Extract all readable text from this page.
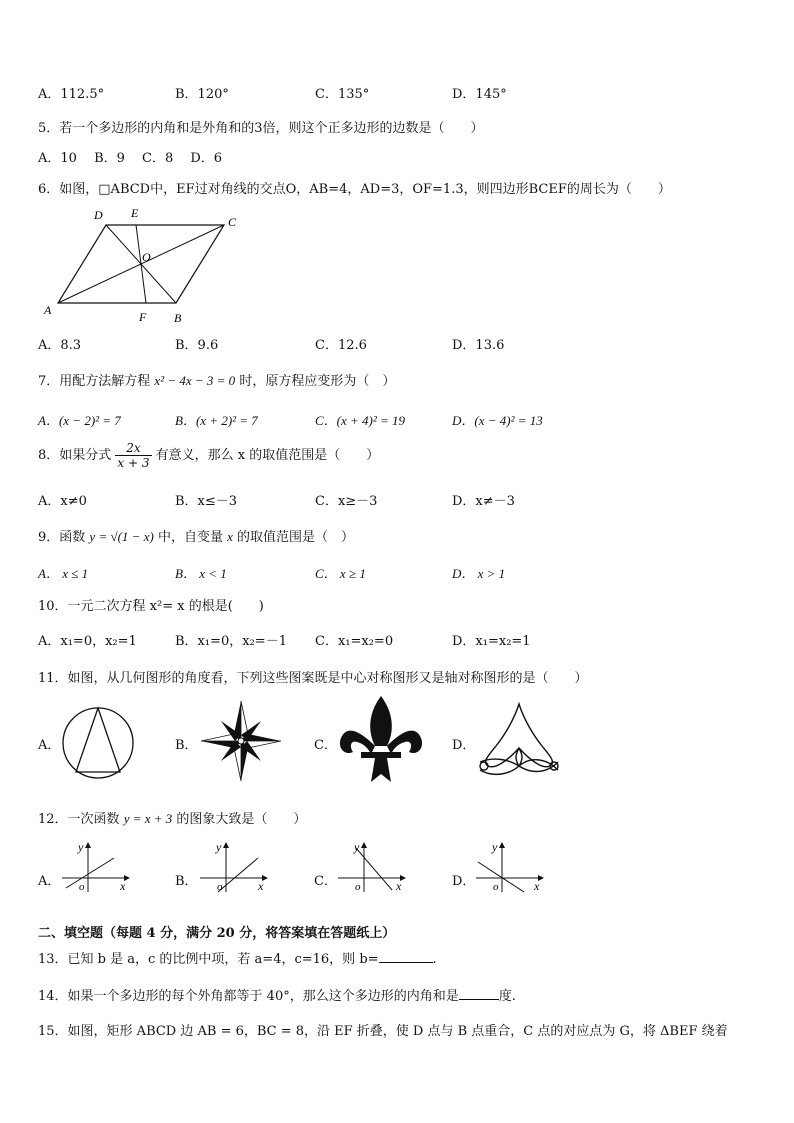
A．112.5°	B．120°	C．135°	D．145°
5．若一个多边形的内角和是外角和的3倍，则这个正多边形的边数是（　　）
A．10　 B．9　 C．8　 D．6
6．如图，□ABCD中，EF过对角线的交点O，AB=4，AD=3，OF=1.3，则四边形BCEF的周长为（　　）
A
B
C
D E
F
O
A．8.3	B．9.6	C．12.6	D．13.6
7．用配方法解方程 x² − 4x − 3 = 0 时，原方程应变形为（　）
A．(x − 2)² = 7	B．(x + 2)² = 7	C．(x + 4)² = 19	D．(x − 4)² = 13
8．如果分式 $\frac{2x}{x + 3}$ 有意义，那么 x 的取值范围是（　　）
A．x≠0	B．x≤－3	C．x≥－3	D．x≠－3
9．函数 y = √(1 − x) 中，自变量 x 的取值范围是（　）
A． x ≤ 1	B． x < 1	C． x ≥ 1	D． x > 1
10．一元二次方程 x²= x 的根是(　　)
A．x₁=0，x₂=1	B．x₁=0，x₂=－1 C．x₁=x₂=0	D．x₁=x₂=1
11．如图，从几何图形的角度看，下列这些图案既是中心对称图形又是轴对称图形的是（　　）
A．	B．	C．	D．
12．一次函数 y = x + 3 的图象大致是（　　）
A．
y
x
o	B．
y
x
o	C．
y
x
o	D．
y
x
o
二、填空题（每题 4 分，满分 20 分，将答案填在答题纸上）
13．已知 b 是 a，c 的比例中项，若 a=4，c=16，则 b=	.
14．如果一个多边形的每个外角都等于 40°，那么这个多边形的内角和是	度.
15．如图，矩形 ABCD 边 AB = 6，BC = 8，沿 EF 折叠，使 D 点与 B 点重合，C 点的对应点为 G，将 ΔBEF 绕着
